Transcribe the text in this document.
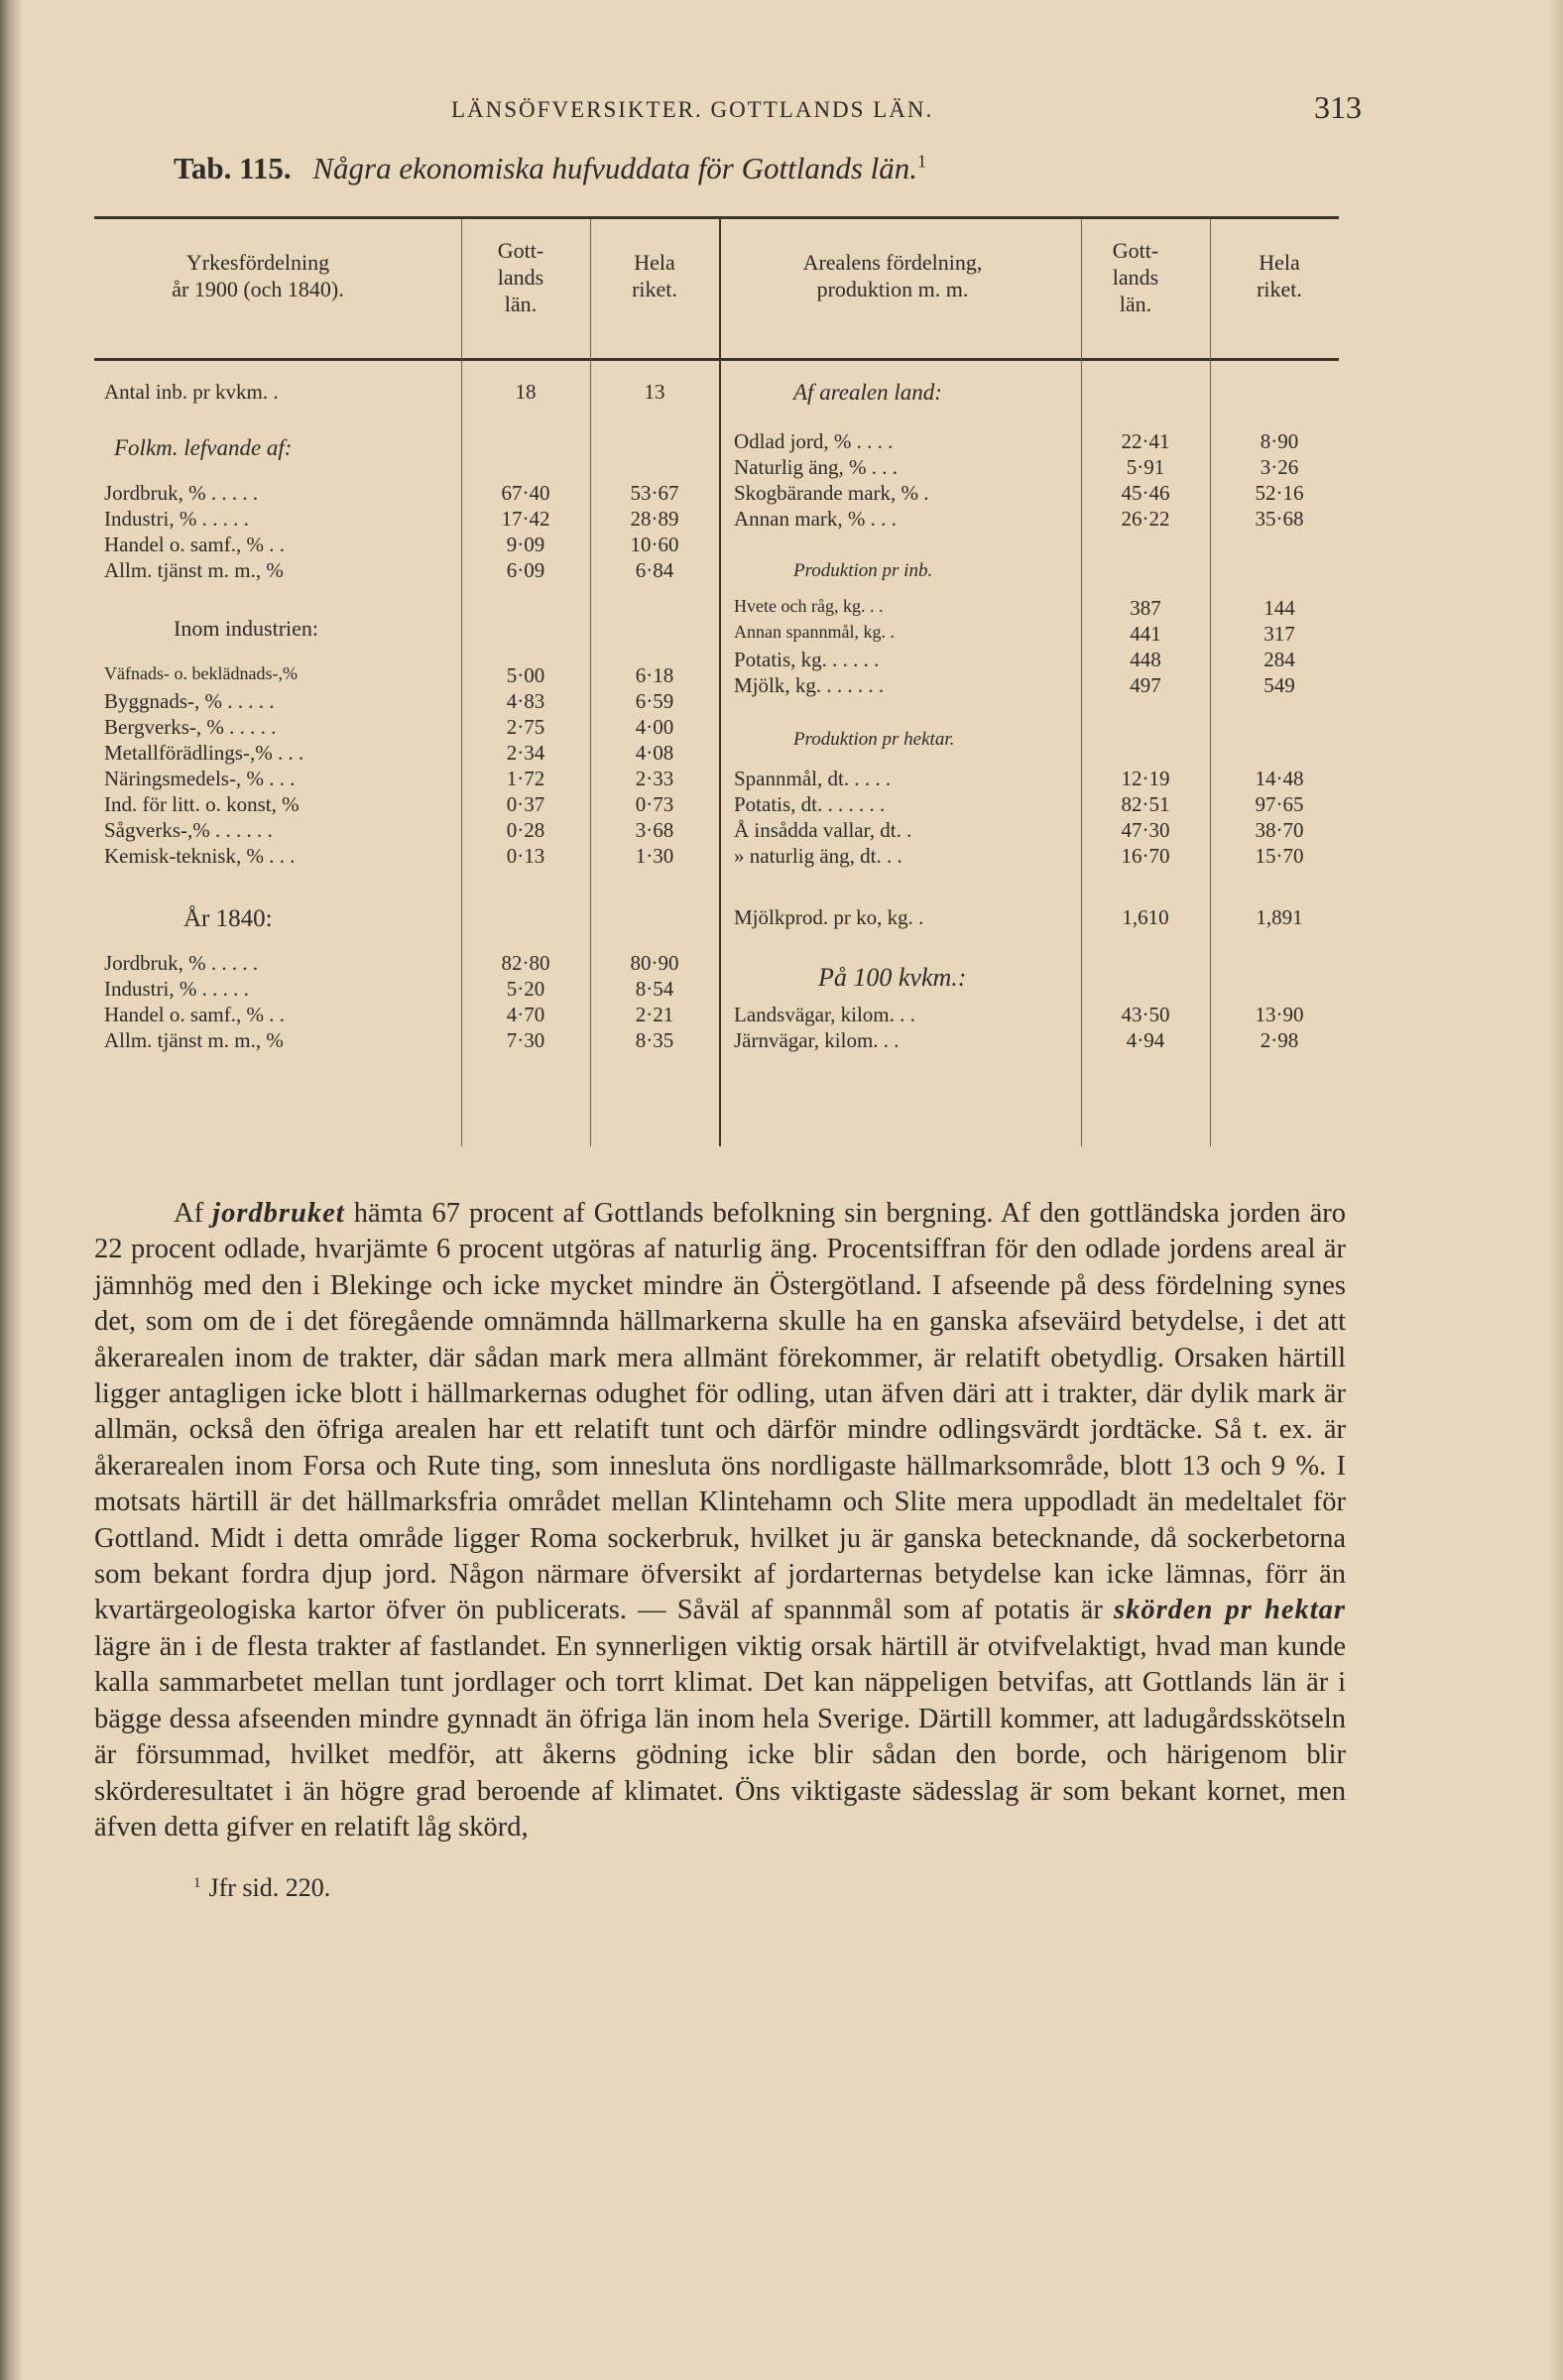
LÄNSÖFVERSIKTER. GOTTLANDS LÄN.	313
Tab. 115. Några ekonomiska hufvuddata för Gottlands län.$^1$
Yrkesfördelning
år 1900 (och 1840).
Gott-
lands
län.
Hela
riket.
Arealens fördelning,
produktion m. m.
Gott-
lands
län.
Hela
riket.
Antal inb. pr kvkm. .	18	13
Folkm. lefvande af:
Jordbruk, % . . . . .	67·40	53·67
Industri, % . . . . .	17·42	28·89
Handel o. samf., % . .	9·09	10·60
Allm. tjänst m. m., %	6·09	6·84
Inom industrien:
Väfnads- o. beklädnads-,%	5·00	6·18
Byggnads-, % . . . . .	4·83	6·59
Bergverks-, % . . . . .	2·75	4·00
Metallförädlings-,% . . .	2·34	4·08
Näringsmedels-, % . . .	1·72	2·33
Ind. för litt. o. konst, %	0·37	0·73
Sågverks-,% . . . . . .	0·28	3·68
Kemisk-teknisk, % . . .	0·13	1·30
År 1840:
Jordbruk, % . . . . .	82·80	80·90
Industri, % . . . . .	5·20	8·54
Handel o. samf., % . .	4·70	2·21
Allm. tjänst m. m., %	7·30	8·35
Af arealen land:
Odlad jord, % . . . .	22·41	8·90
Naturlig äng, % . . .	5·91	3·26
Skogbärande mark, % .	45·46	52·16
Annan mark, % . . .	26·22	35·68
Produktion pr inb.
Hvete och råg, kg. . .	387	144
Annan spannmål, kg. .	441	317
Potatis, kg. . . . . .	448	284
Mjölk, kg. . . . . . .	497	549
Produktion pr hektar.
Spannmål, dt. . . . .	12·19	14·48
Potatis, dt. . . . . . .	82·51	97·65
Å insådda vallar, dt. .	47·30	38·70
» naturlig äng, dt. . .	16·70	15·70
Mjölkprod. pr ko, kg. .	1,610	1,891
På 100 kvkm.:
Landsvägar, kilom. . .	43·50	13·90
Järnvägar, kilom. . .	4·94	2·98

Af jordbruket hämta 67 procent af Gottlands befolkning sin bergning. Af den gottländska jorden äro 22 procent odlade, hvarjämte 6 procent utgöras af naturlig äng. Procentsiffran för den odlade jordens areal är jämnhög med den i Blekinge och icke mycket mindre än Östergötland. I afseende på dess fördelning synes det, som om de i det föregående omnämnda hällmarkerna skulle ha en ganska afseväird betydelse, i det att åkerarealen inom de trakter, där sådan mark mera allmänt förekommer, är relatift obetydlig. Orsaken härtill ligger antagligen icke blott i hällmarkernas odughet för odling, utan äfven däri att i trakter, där dylik mark är allmän, också den öfriga arealen har ett relatift tunt och därför mindre odlingsvärdt jordtäcke. Så t. ex. är åkerarealen inom Forsa och Rute ting, som innesluta öns nordligaste hällmarksområde, blott 13 och 9 %. I motsats härtill är det hällmarksfria området mellan Klintehamn och Slite mera uppodladt än medeltalet för Gottland. Midt i detta område ligger Roma sockerbruk, hvilket ju är ganska betecknande, då sockerbetorna som bekant fordra djup jord. Någon närmare öfversikt af jordarternas betydelse kan icke lämnas, förr än kvartärgeologiska kartor öfver ön publicerats. — Såväl af spannmål som af potatis är skörden pr hektar lägre än i de flesta trakter af fastlandet. En synnerligen viktig orsak härtill är otvifvelaktigt, hvad man kunde kalla sammarbetet mellan tunt jordlager och torrt klimat. Det kan näppeligen betvifas, att Gottlands län är i bägge dessa afseenden mindre gynnadt än öfriga län inom hela Sverige. Därtill kommer, att ladugårdsskötseln är försummad, hvilket medför, att åkerns gödning icke blir sådan den borde, och härigenom blir skörderesultatet i än högre grad beroende af klimatet. Öns viktigaste sädesslag är som bekant kornet, men äfven detta gifver en relatift låg skörd,

$^1$ Jfr sid. 220.
